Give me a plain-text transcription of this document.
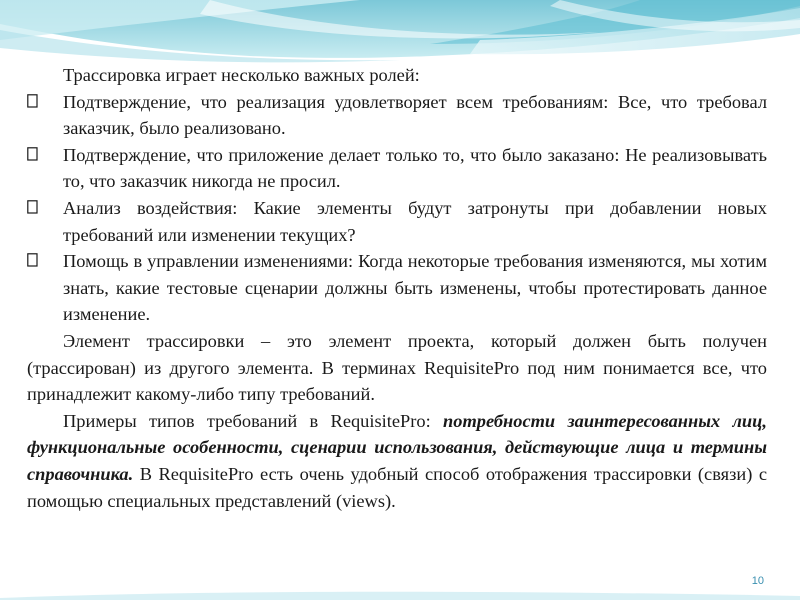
Трассировка играет несколько важных ролей:

Подтверждение, что реализация удовлетворяет всем требованиям: Все, что требовал заказчик, было реализовано.

Подтверждение, что приложение делает только то, что было заказано: Не реализовывать то, что заказчик никогда не просил.

Анализ воздействия: Какие элементы будут затронуты при добавлении новых требований или изменении текущих?

Помощь в управлении изменениями: Когда некоторые требования изменяются, мы хотим знать, какие тестовые сценарии должны быть изменены, чтобы протестировать данное изменение.

Элемент трассировки – это элемент проекта, который должен быть получен (трассирован) из другого элемента. В терминах RequisitePro под ним понимается все, что принадлежит какому-либо типу требований.

Примеры типов требований в RequisitePro: потребности заинтересованных лиц, функциональные особенности, сценарии использования, действующие лица и термины справочника. В RequisitePro есть очень удобный способ отображения трассировки (связи) с помощью специальных представлений (views).

10
